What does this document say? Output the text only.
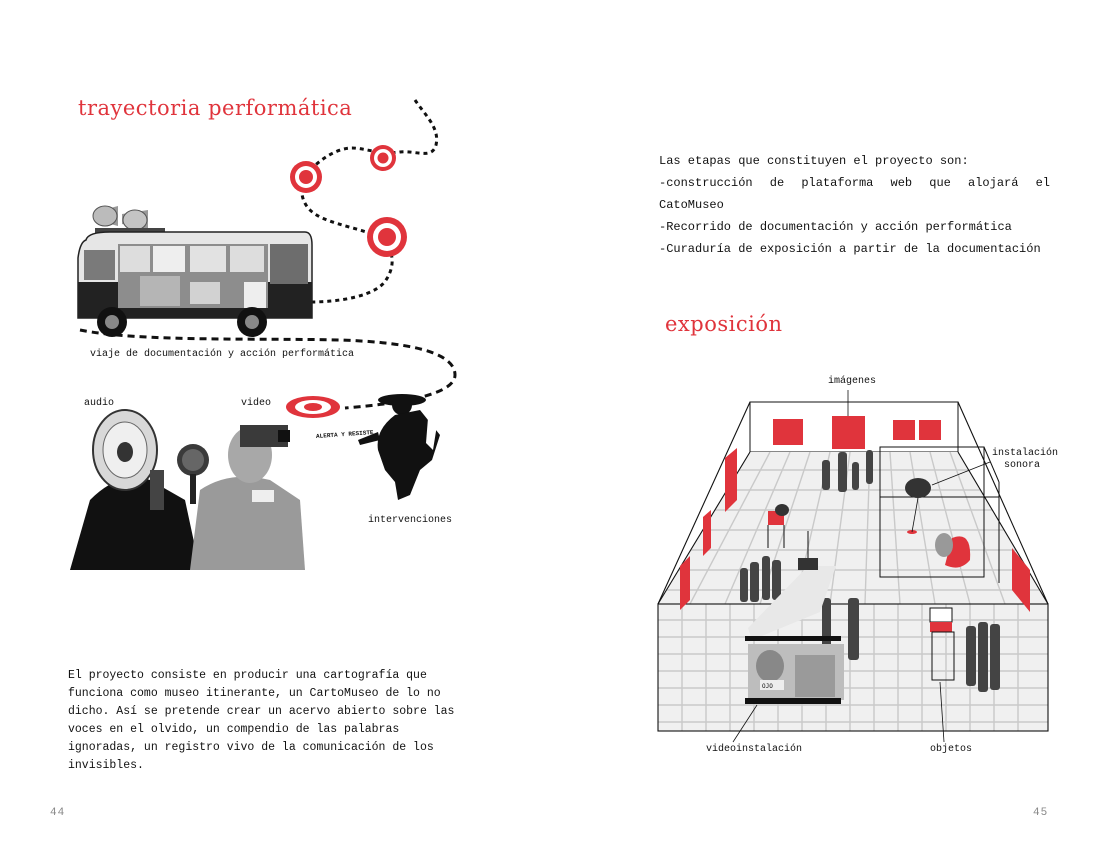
trayectoria performática
viaje de documentación y acción performática
audio	video
ALERTA Y RESISTE
intervenciones
El proyecto consiste en producir una cartografía que funciona como museo itinerante, un CartoMuseo de lo no dicho. Así se pretende crear un acervo abierto sobre las voces en el olvido, un compendio de las palabras ignoradas, un registro vivo de la comunicación de los invisibles.
44
Las etapas que constituyen el proyecto son:
-construcción de plataforma web que alojará el CatoMuseo
-Recorrido de documentación y acción performática
-Curaduría de exposición a partir de la documentación
exposición
OJO
imágenes
instalación sonora
videoinstalación	objetos
45
